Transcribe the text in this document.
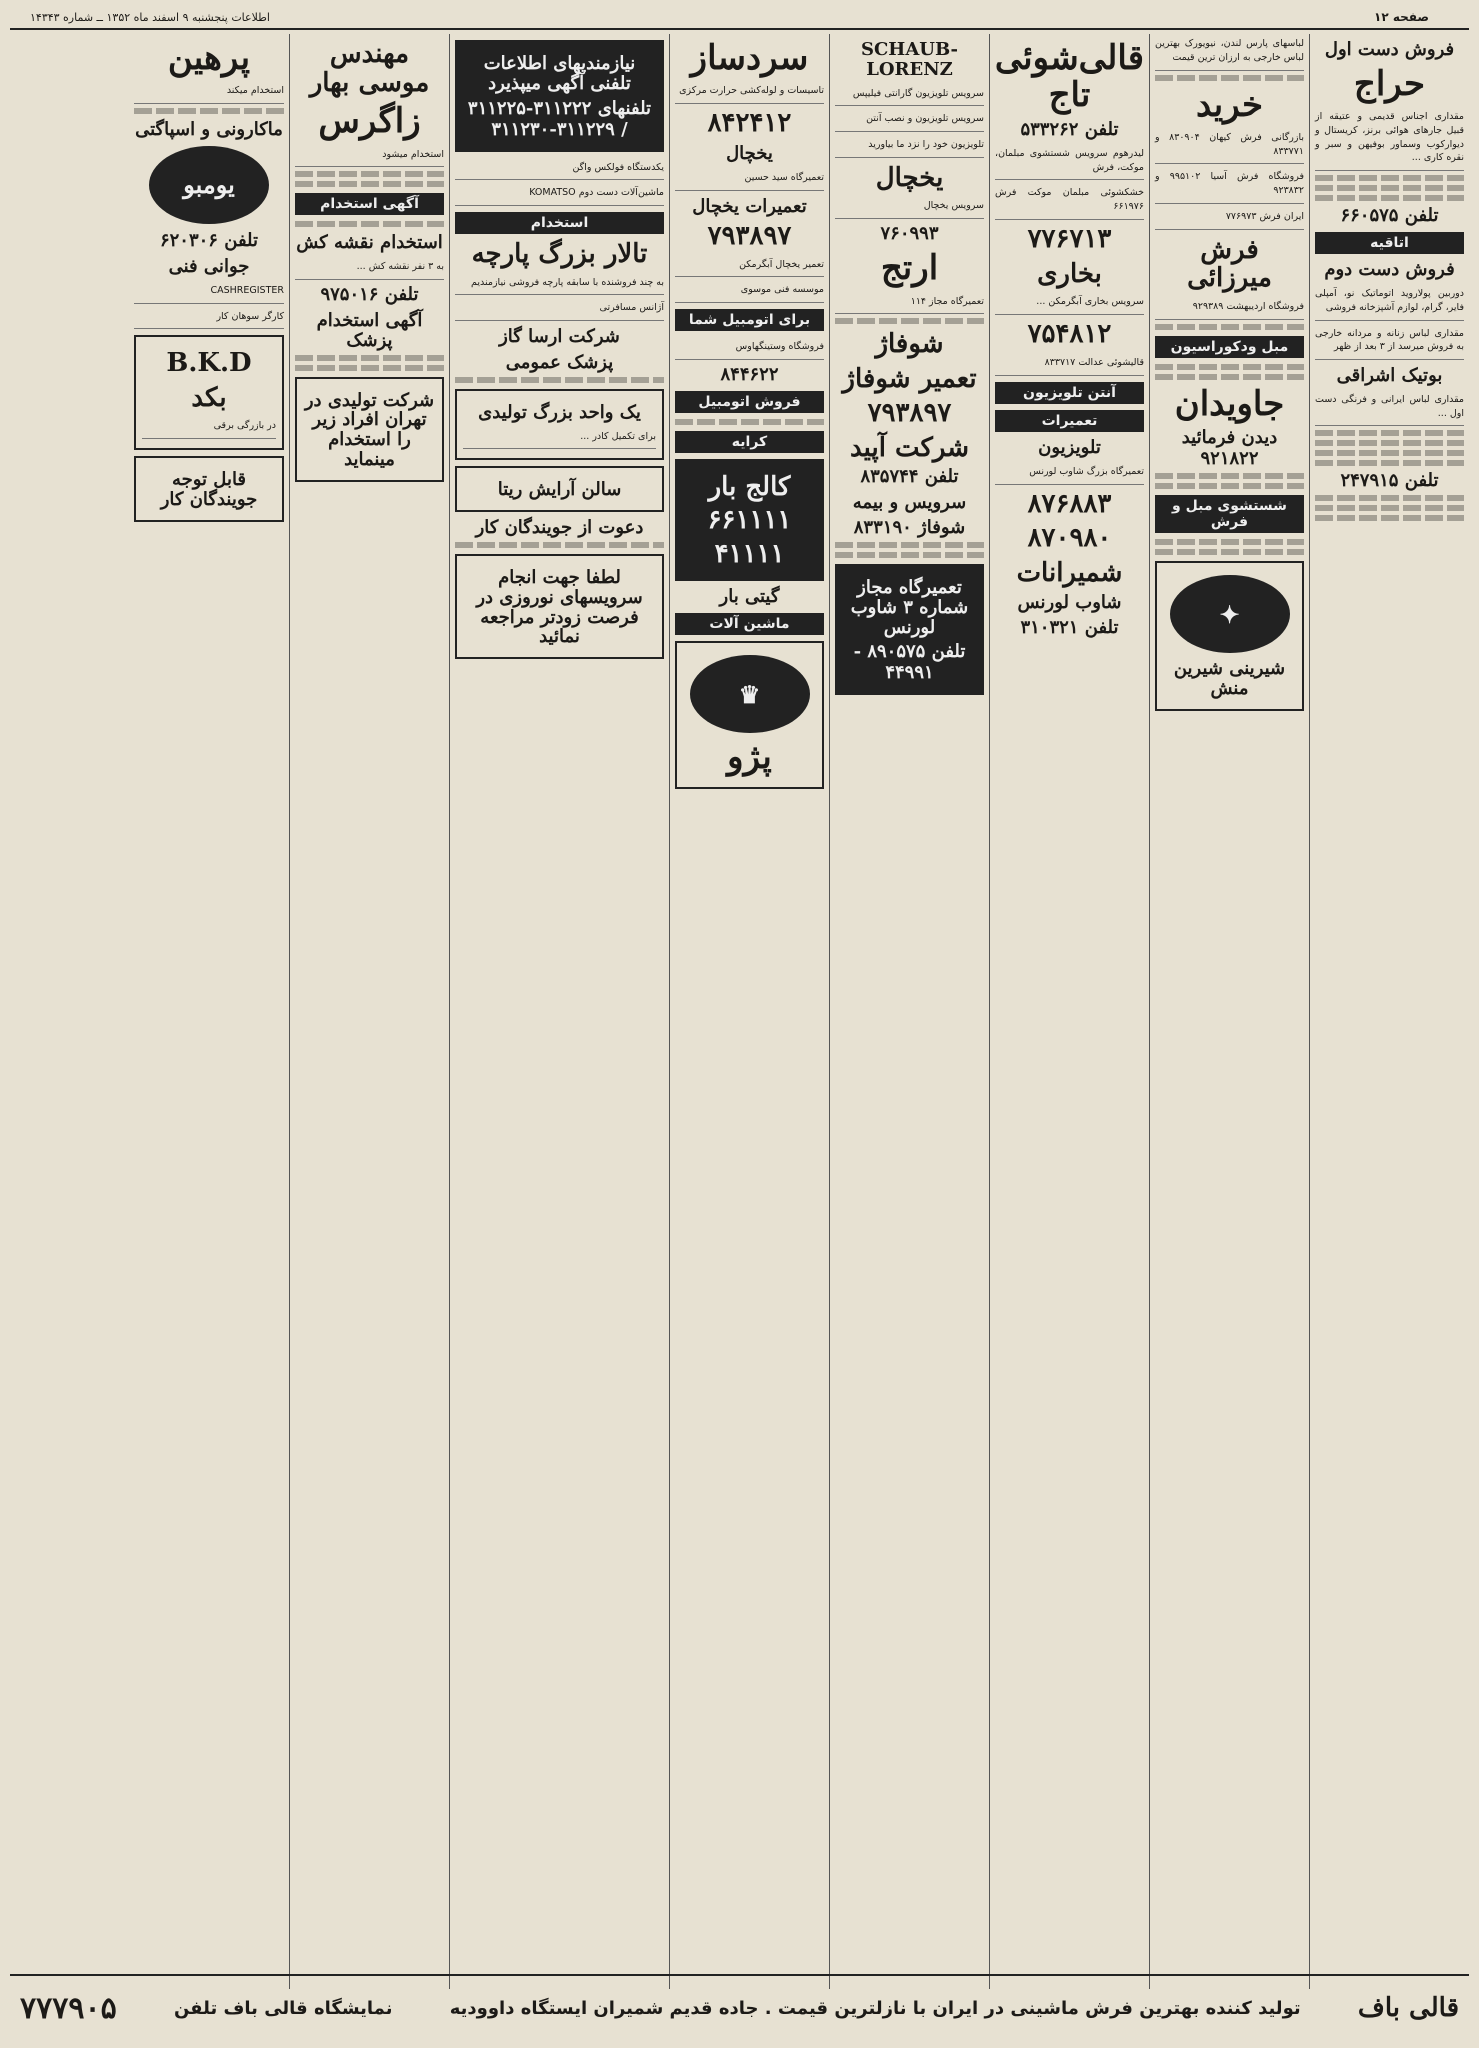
صفحه ۱۲
اطلاعات پنجشنبه ۹ اسفند ماه ۱۳۵۲ ــ شماره ۱۴۳۴۳
فروش دست اول
حراج
مقداری اجناس قدیمی و عتیقه از قبیل جارهای هوائی برنز، کریستال و دیوارکوب وسماور بوفیهن و سبر و نقره کاری ...
تلفن ۶۶۰۵۷۵
اتاقیه
فروش دست دوم
دوربین پولاروید اتوماتیک نو، آمپلی فایر، گرام، لوازم آشپزخانه فروشی
مقداری لباس زنانه و مردانه خارجی به فروش میرسد از ۳ بعد از ظهر
بوتیک اشراقی
مقداری لباس ایرانی و فرنگی دست اول ...
تلفن ۲۴۷۹۱۵
لباسهای پارس لندن، نیویورک بهترین لباس خارجی به ارزان ترین قیمت
خرید
بازرگانی فرش کیهان ۸۳۰۹۰۴ و ۸۳۳۷۷۱
فروشگاه فرش آسیا ۹۹۵۱۰۲ و ۹۲۳۸۳۲
ایران فرش ۷۷۶۹۷۳
فرش میرزائی
فروشگاه اردیبهشت ۹۲۹۳۸۹
مبل ودکوراسیون
جاویدان
دیدن فرمائید ۹۲۱۸۲۲
شستشوی مبل و فرش
✦
شیرینی شیرین منش
قالی‌شوئی تاج
تلفن ۵۳۳۲۶۲
لیدرهوم سرویس شستشوی مبلمان، موکت، فرش
خشکشوئی مبلمان موکت فرش ۶۶۱۹۷۶
۷۷۶۷۱۳
بخاری
سرویس بخاری آبگرمکن ...
۷۵۴۸۱۲
قالیشوئی عدالت ۸۳۳۷۱۷
آنتن تلویزیون
تعمیرات
تلویزیون
تعمیرگاه بزرگ شاوب لورنس
۸۷۶۸۸۳
۸۷۰۹۸۰
شمیرانات
شاوب لورنس
تلفن ۳۱۰۳۲۱
SCHAUB-LORENZ
سرویس تلویزیون گارانتی فیلیپس
سرویس تلویزیون و نصب آنتن
تلویزیون خود را نزد ما بیاورید
یخچال
سرویس یخچال
۷۶۰۹۹۳
ارتج
تعمیرگاه مجاز ۱۱۴
شوفاژ
تعمیر شوفاژ
۷۹۳۸۹۷
شرکت آپید
تلفن ۸۳۵۷۴۴
سرویس و بیمه
شوفاژ ۸۳۳۱۹۰
تعمیرگاه مجاز شماره ۳ شاوب لورنس
تلفن ۸۹۰۵۷۵ - ۴۴۹۹۱
سردساز
تاسیسات و لوله‌کشی حرارت مرکزی
۸۴۲۴۱۲
یخچال
تعمیرگاه سید حسین
تعمیرات یخچال
۷۹۳۸۹۷
تعمیر یخچال آبگرمکن
موسسه فنی موسوی
برای اتومبیل شما
فروشگاه وستینگهاوس
۸۴۴۶۲۲
فروش اتومبیل
کرایه
کالج بار
۶۶۱۱۱۱
۴۱۱۱۱
گیتی بار
ماشین آلات
♛
پژو
نیازمندیهای اطلاعات تلفنی آگهی میپذیرد
تلفنهای ۳۱۱۲۲۲-۳۱۱۲۲۵ / ۳۱۱۲۲۹-۳۱۱۲۳۰
یکدستگاه فولکس واگن
ماشین‌آلات دست دوم KOMATSO
استخدام
تالار بزرگ پارچه
به چند فروشنده با سابقه پارچه فروشی نیازمندیم
آژانس مسافرتی
شرکت ارسا گاز
پزشک عمومی
یک واحد بزرگ تولیدی
برای تکمیل کادر ...
سالن آرایش ریتا
دعوت از جویندگان کار
لطفا جهت انجام سرویسهای نوروزی در فرصت زودتر مراجعه نمائید
مهندس موسی بهار
زاگرس
استخدام میشود
آگهی استخدام
استخدام نقشه کش
به ۳ نفر نقشه کش ...
تلفن ۹۷۵۰۱۶
آگهی استخدام پزشک
شرکت تولیدی در تهران افراد زیر را استخدام مینماید
پرهین
استخدام میکند
ماکارونی و اسپاگتی
یومبو
تلفن ۶۲۰۳۰۶
جوانی فنی
CASHREGISTER
کارگر سوهان کار
B.K.D
بکد
در بازرگی برقی
قابل توجه جویندگان کار
قالی باف
تولید کننده بهترین فرش ماشینی در ایران با نازلترین قیمت . جاده قدیم شمیران ایستگاه داوودیه
نمایشگاه قالی باف تلفن
۷۷۷۹۰۵
